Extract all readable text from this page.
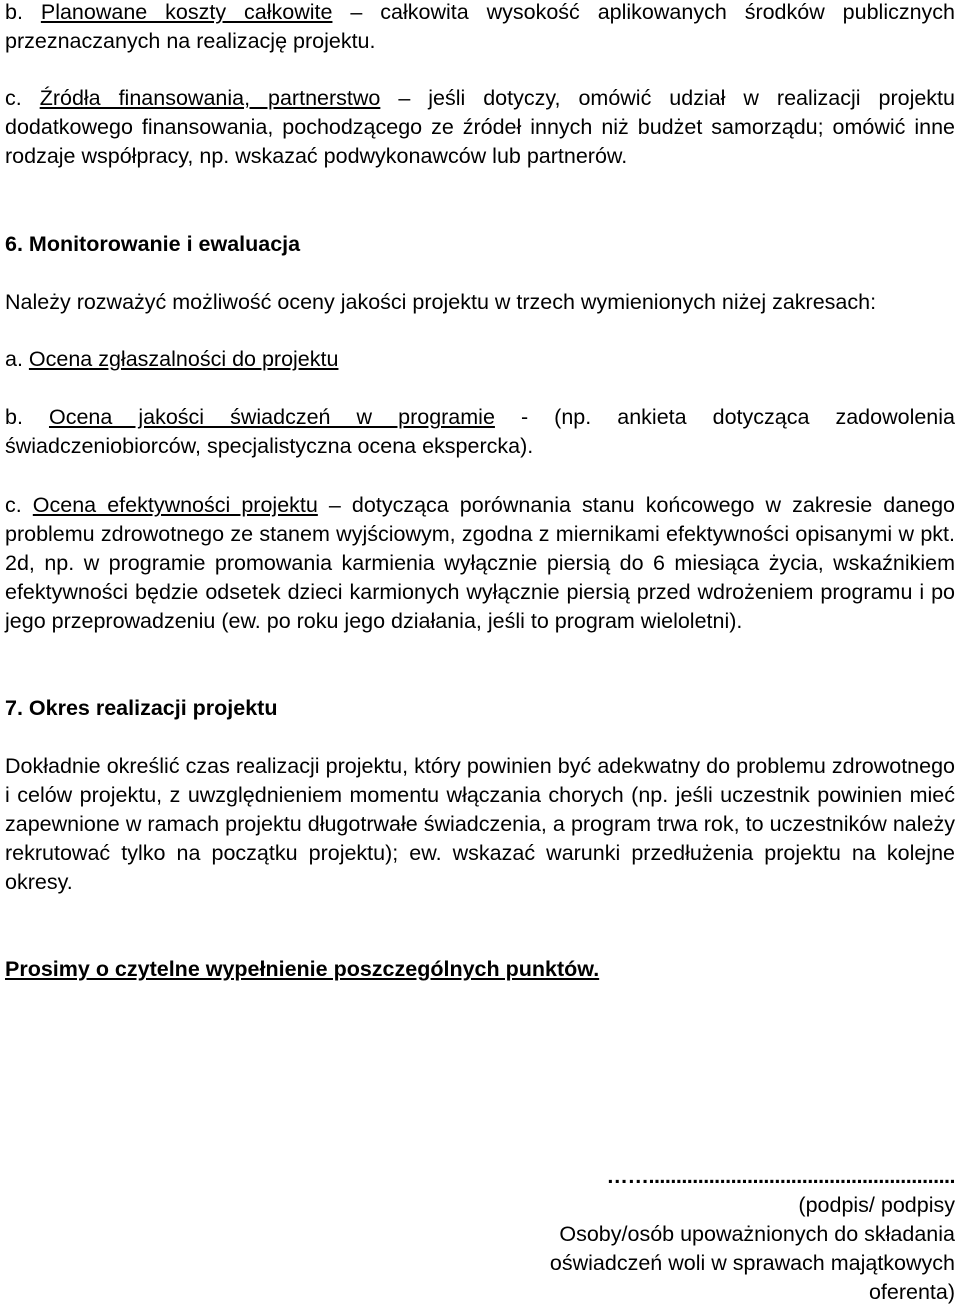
b. Planowane koszty całkowite – całkowita wysokość aplikowanych środków publicznych przeznaczanych na realizację projektu.

c. Źródła finansowania, partnerstwo – jeśli dotyczy, omówić udział w realizacji projektu dodatkowego finansowania, pochodzącego ze źródeł innych niż budżet samorządu; omówić inne rodzaje współpracy, np. wskazać podwykonawców lub partnerów.

6. Monitorowanie i ewaluacja

Należy rozważyć możliwość oceny jakości projektu w trzech wymienionych niżej zakresach:

a. Ocena zgłaszalności do projektu

b. Ocena jakości świadczeń w programie - (np. ankieta dotycząca zadowolenia świadczeniobiorców, specjalistyczna ocena ekspercka).

c. Ocena efektywności projektu – dotycząca porównania stanu końcowego w zakresie danego problemu zdrowotnego ze stanem wyjściowym, zgodna z miernikami efektywności opisanymi w pkt. 2d, np. w programie promowania karmienia wyłącznie piersią do 6 miesiąca życia, wskaźnikiem efektywności będzie odsetek dzieci karmionych wyłącznie piersią przed wdrożeniem programu i po jego przeprowadzeniu (ew. po roku jego działania, jeśli to program wieloletni).

7. Okres realizacji projektu

Dokładnie określić czas realizacji projektu, który powinien być adekwatny do problemu zdrowotnego i celów projektu, z uwzględnieniem momentu włączania chorych (np. jeśli uczestnik powinien mieć zapewnione w ramach projektu długotrwałe świadczenia, a program trwa rok, to uczestników należy rekrutować tylko na początku projektu); ew. wskazać warunki przedłużenia projektu na kolejne okresy.

Prosimy o czytelne wypełnienie poszczególnych punktów.

……........................................................
(podpis/ podpisy
Osoby/osób upoważnionych do składania
oświadczeń woli w sprawach majątkowych
oferenta)
